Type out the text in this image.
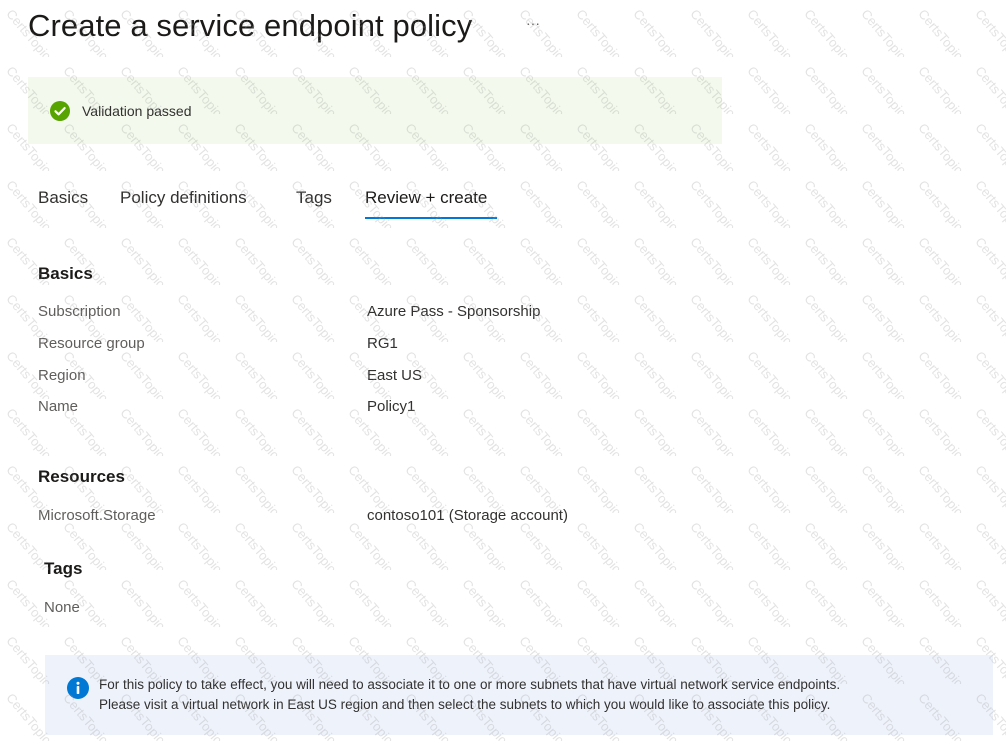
Create a service endpoint policy	···
Validation passed
Basics Policy definitions	Tags Review + create
Basics
Subscription	Azure Pass - Sponsorship
Resource group	RG1
Region	East US
Name	Policy1
Resources
Microsoft.Storage	contoso101 (Storage account)
Tags
None
For this policy to take effect, you will need to associate it to one or more subnets that have virtual network service endpoints.
Please visit a virtual network in East US region and then select the subnets to which you would like to associate this policy.
